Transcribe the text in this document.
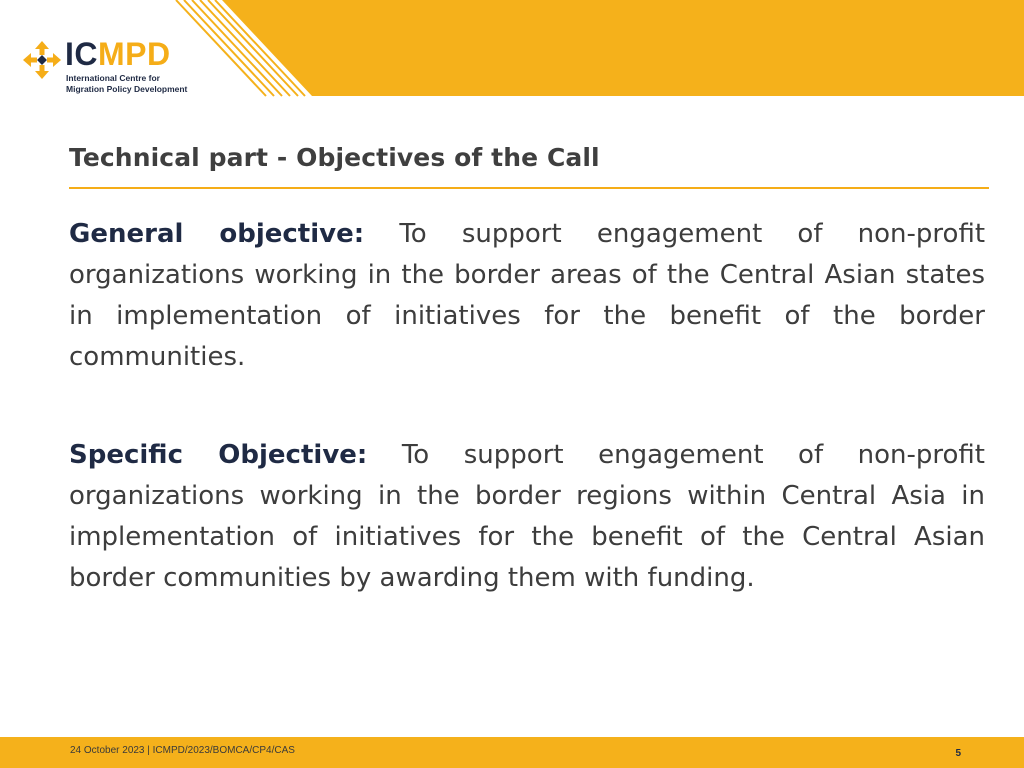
ICMPD
International Centre for
Migration Policy Development
Technical part - Objectives of the Call

General objective: To support engagement of non-profit organizations working in the border areas of the Central Asian states in implementation of initiatives for the benefit of the border communities.

Specific Objective: To support engagement of non-profit organizations working in the border regions within Central Asia in implementation of initiatives for the benefit of the Central Asian border communities by awarding them with funding.

24 October 2023 | ICMPD/2023/BOMCA/CP4/CAS	5
